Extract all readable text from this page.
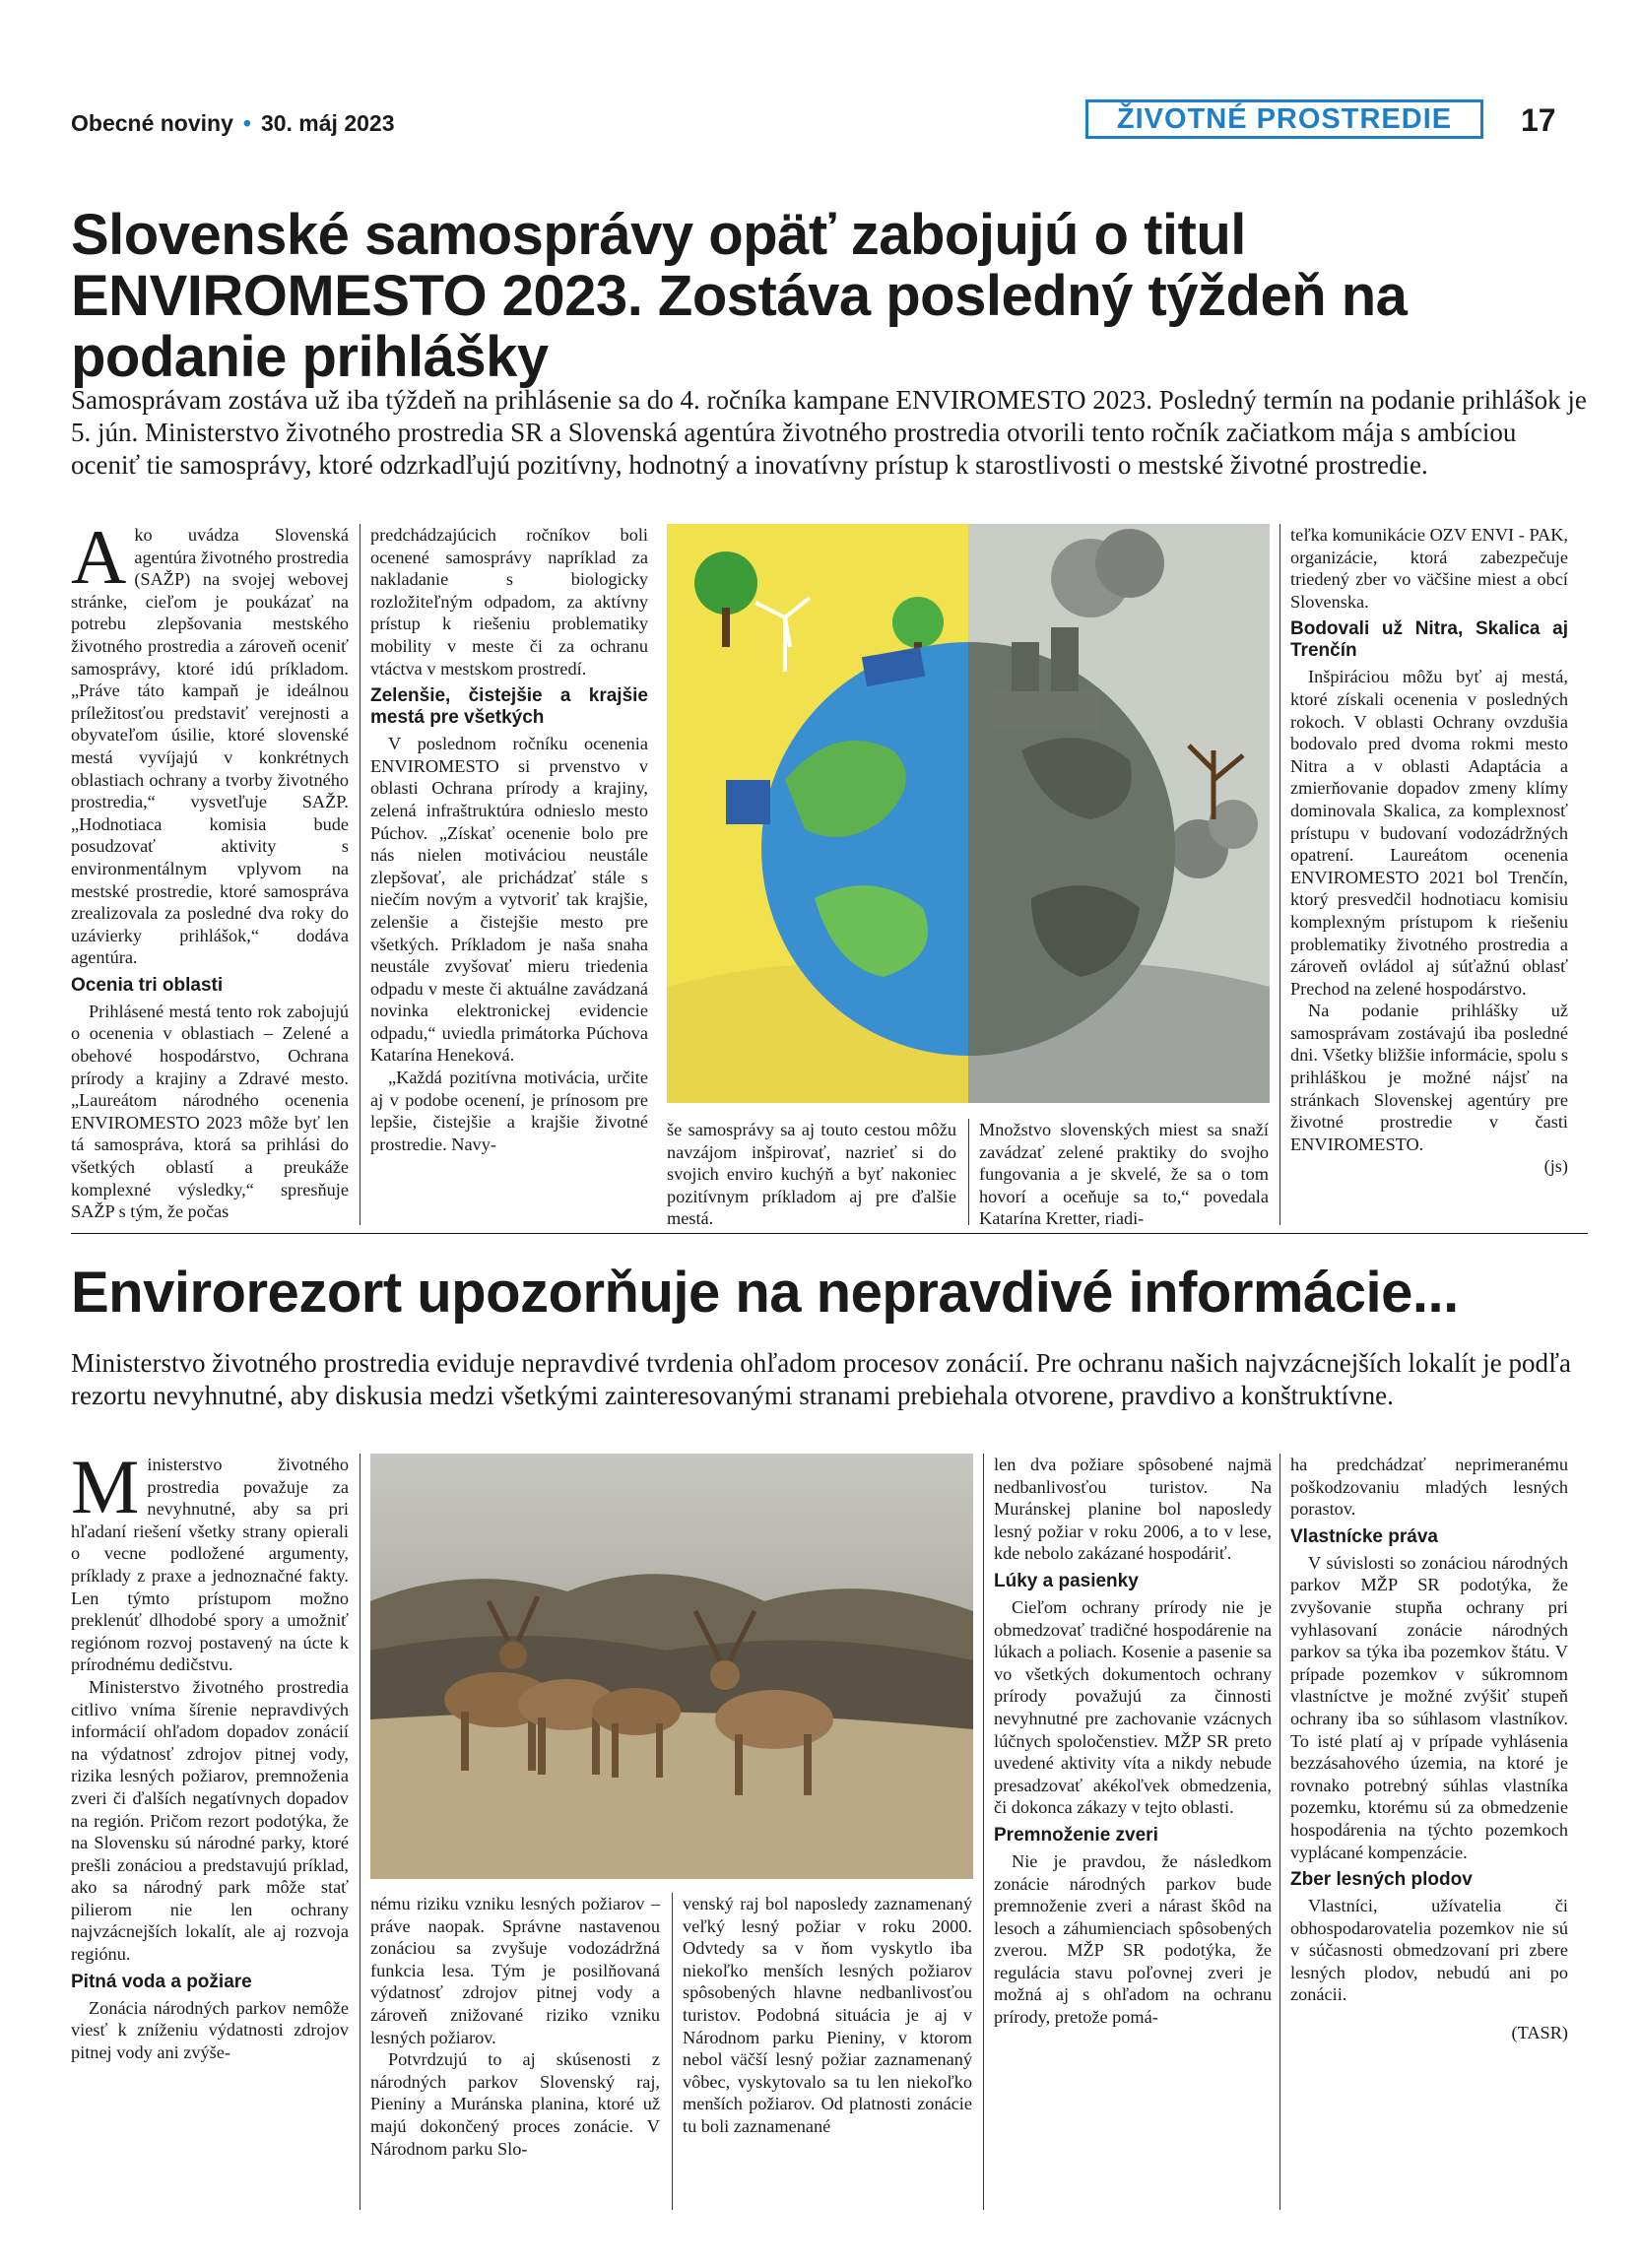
Obecné noviny • 30. máj 2023	ŽIVOTNÉ PROSTREDIE	17
Slovenské samosprávy opäť zabojujú o titul ENVIROMESTO 2023. Zostáva posledný týždeň na podanie prihlášky
Samosprávam zostáva už iba týždeň na prihlásenie sa do 4. ročníka kampane ENVIROMESTO 2023. Posledný termín na podanie prihlášok je 5. jún. Ministerstvo životného prostredia SR a Slovenská agentúra životného prostredia otvorili tento ročník začiatkom mája s ambíciou oceniť tie samosprávy, ktoré odzrkadľujú pozitívny, hodnotný a inovatívny prístup k starostlivosti o mestské životné prostredie.
A ko uvádza Slovenská agentúra životného prostredia (SAŽP) na svojej webovej stránke, cieľom je poukázať na potrebu zlepšovania mestského životného prostredia a zároveň oceniť samosprávy, ktoré idú príkladom. „Práve táto kampaň je ideálnou príležitosťou predstaviť verejnosti a obyvateľom úsilie, ktoré slovenské mestá vyvíjajú v konkrétnych oblastiach ochrany a tvorby životného prostredia,“ vysvetľuje SAŽP. „Hodnotiaca komisia bude posudzovať aktivity s environmentálnym vplyvom na mestské prostredie, ktoré samospráva zrealizovala za posledné dva roky do uzávierky prihlášok,“ dodáva agentúra.

Ocenia tri oblasti

Prihlásené mestá tento rok zabojujú o ocenenia v oblastiach – Zelené a obehové hospodárstvo, Ochrana prírody a krajiny a Zdravé mesto. „Laureátom národného ocenenia ENVIROMESTO 2023 môže byť len tá samospráva, ktorá sa prihlási do všetkých oblastí a preukáže komplexné výsledky,“ spresňuje SAŽP s tým, že počas

predchádzajúcich ročníkov boli ocenené samosprávy napríklad za nakladanie s biologicky rozložiteľným odpadom, za aktívny prístup k riešeniu problematiky mobility v meste či za ochranu vtáctva v mestskom prostredí.

Zelenšie, čistejšie a krajšie mestá pre všetkých

V poslednom ročníku ocenenia ENVIROMESTO si prvenstvo v oblasti Ochrana prírody a krajiny, zelená infraštruktúra odnieslo mesto Púchov. „Získať ocenenie bolo pre nás nielen motiváciou neustále zlepšovať, ale prichádzať stále s niečím novým a vytvoriť tak krajšie, zelenšie a čistejšie mesto pre všetkých. Príkladom je naša snaha neustále zvyšovať mieru triedenia odpadu v meste či aktuálne zavádzaná novinka elektronickej evidencie odpadu,“ uviedla primátorka Púchova Katarína Heneková.

„Každá pozitívna motivácia, určite aj v podobe ocenení, je prínosom pre lepšie, čistejšie a krajšie životné prostredie. Navy-

še samosprávy sa aj touto cestou môžu navzájom inšpirovať, nazrieť si do svojich enviro kuchýň a byť nakoniec pozitívnym príkladom aj pre ďalšie mestá.

Množstvo slovenských miest sa snaží zavádzať zelené praktiky do svojho fungovania a je skvelé, že sa o tom hovorí a oceňuje sa to,“ povedala Katarína Kretter, riadi-

teľka komunikácie OZV ENVI - PAK, organizácie, ktorá zabezpečuje triedený zber vo väčšine miest a obcí Slovenska.

Bodovali už Nitra, Skalica aj Trenčín

Inšpiráciou môžu byť aj mestá, ktoré získali ocenenia v posledných rokoch. V oblasti Ochrany ovzdušia bodovalo pred dvoma rokmi mesto Nitra a v oblasti Adaptácia a zmierňovanie dopadov zmeny klímy dominovala Skalica, za komplexnosť prístupu v budovaní vodozádržných opatrení. Laureátom ocenenia ENVIROMESTO 2021 bol Trenčín, ktorý presvedčil hodnotiacu komisiu komplexným prístupom k riešeniu problematiky životného prostredia a zároveň ovládol aj súťažnú oblasť Prechod na zelené hospodárstvo.

Na podanie prihlášky už samosprávam zostávajú iba posledné dni. Všetky bližšie informácie, spolu s prihláškou je možné nájsť na stránkach Slovenskej agentúry pre životné prostredie v časti ENVIROMESTO.

(js)
Envirorezort upozorňuje na nepravdivé informácie...
Ministerstvo životného prostredia eviduje nepravdivé tvrdenia ohľadom procesov zonácií. Pre ochranu našich najvzácnejších lokalít je podľa rezortu nevyhnutné, aby diskusia medzi všetkými zainteresovanými stranami prebiehala otvorene, pravdivo a konštruktívne.
M inisterstvo životného prostredia považuje za nevyhnutné, aby sa pri hľadaní riešení všetky strany opierali o vecne podložené argumenty, príklady z praxe a jednoznačné fakty. Len týmto prístupom možno preklenúť dlhodobé spory a umožniť regiónom rozvoj postavený na úcte k prírodnému dedičstvu.

Ministerstvo životného prostredia citlivo vníma šírenie nepravdivých informácií ohľadom dopadov zonácií na výdatnosť zdrojov pitnej vody, rizika lesných požiarov, premnoženia zveri či ďalších negatívnych dopadov na región. Pričom rezort podotýka, že na Slovensku sú národné parky, ktoré prešli zonáciou a predstavujú príklad, ako sa národný park môže stať pilierom nie len ochrany najvzácnejších lokalít, ale aj rozvoja regiónu.

Pitná voda a požiare

Zonácia národných parkov nemôže viesť k zníženiu výdatnosti zdrojov pitnej vody ani zvýše-

nému riziku vzniku lesných požiarov – práve naopak. Správne nastavenou zonáciou sa zvyšuje vodozádržná funkcia lesa. Tým je posilňovaná výdatnosť zdrojov pitnej vody a zároveň znižované riziko vzniku lesných požiarov.

Potvrdzujú to aj skúsenosti z národných parkov Slovenský raj, Pieniny a Muránska planina, ktoré už majú dokončený proces zonácie. V Národnom parku Slo-

venský raj bol naposledy zaznamenaný veľký lesný požiar v roku 2000. Odvtedy sa v ňom vyskytlo iba niekoľko menších lesných požiarov spôsobených hlavne nedbanlivosťou turistov. Podobná situácia je aj v Národnom parku Pieniny, v ktorom nebol väčší lesný požiar zaznamenaný vôbec, vyskytovalo sa tu len niekoľko menších požiarov. Od platnosti zonácie tu boli zaznamenané

len dva požiare spôsobené najmä nedbanlivosťou turistov. Na Muránskej planine bol naposledy lesný požiar v roku 2006, a to v lese, kde nebolo zakázané hospodáriť.

Lúky a pasienky

Cieľom ochrany prírody nie je obmedzovať tradičné hospodárenie na lúkach a poliach. Kosenie a pasenie sa vo všetkých dokumentoch ochrany prírody považujú za činnosti nevyhnutné pre zachovanie vzácnych lúčnych spoločenstiev. MŽP SR preto uvedené aktivity víta a nikdy nebude presadzovať akékoľvek obmedzenia, či dokonca zákazy v tejto oblasti.

Premnoženie zveri

Nie je pravdou, že následkom zonácie národných parkov bude premnoženie zveri a nárast škôd na lesoch a záhumienciach spôsobených zverou. MŽP SR podotýka, že regulácia stavu poľovnej zveri je možná aj s ohľadom na ochranu prírody, pretože pomá-

ha predchádzať neprimeranému poškodzovaniu mladých lesných porastov.

Vlastnícke práva

V súvislosti so zonáciou národných parkov MŽP SR podotýka, že zvyšovanie stupňa ochrany pri vyhlasovaní zonácie národných parkov sa týka iba pozemkov štátu. V prípade pozemkov v súkromnom vlastníctve je možné zvýšiť stupeň ochrany iba so súhlasom vlastníkov. To isté platí aj v prípade vyhlásenia bezzásahového územia, na ktoré je rovnako potrebný súhlas vlastníka pozemku, ktorému sú za obmedzenie hospodárenia na týchto pozemkoch vyplácané kompenzácie.

Zber lesných plodov

Vlastníci, užívatelia či obhospodarovatelia pozemkov nie sú v súčasnosti obmedzovaní pri zbere lesných plodov, nebudú ani po zonácii.

(TASR)
